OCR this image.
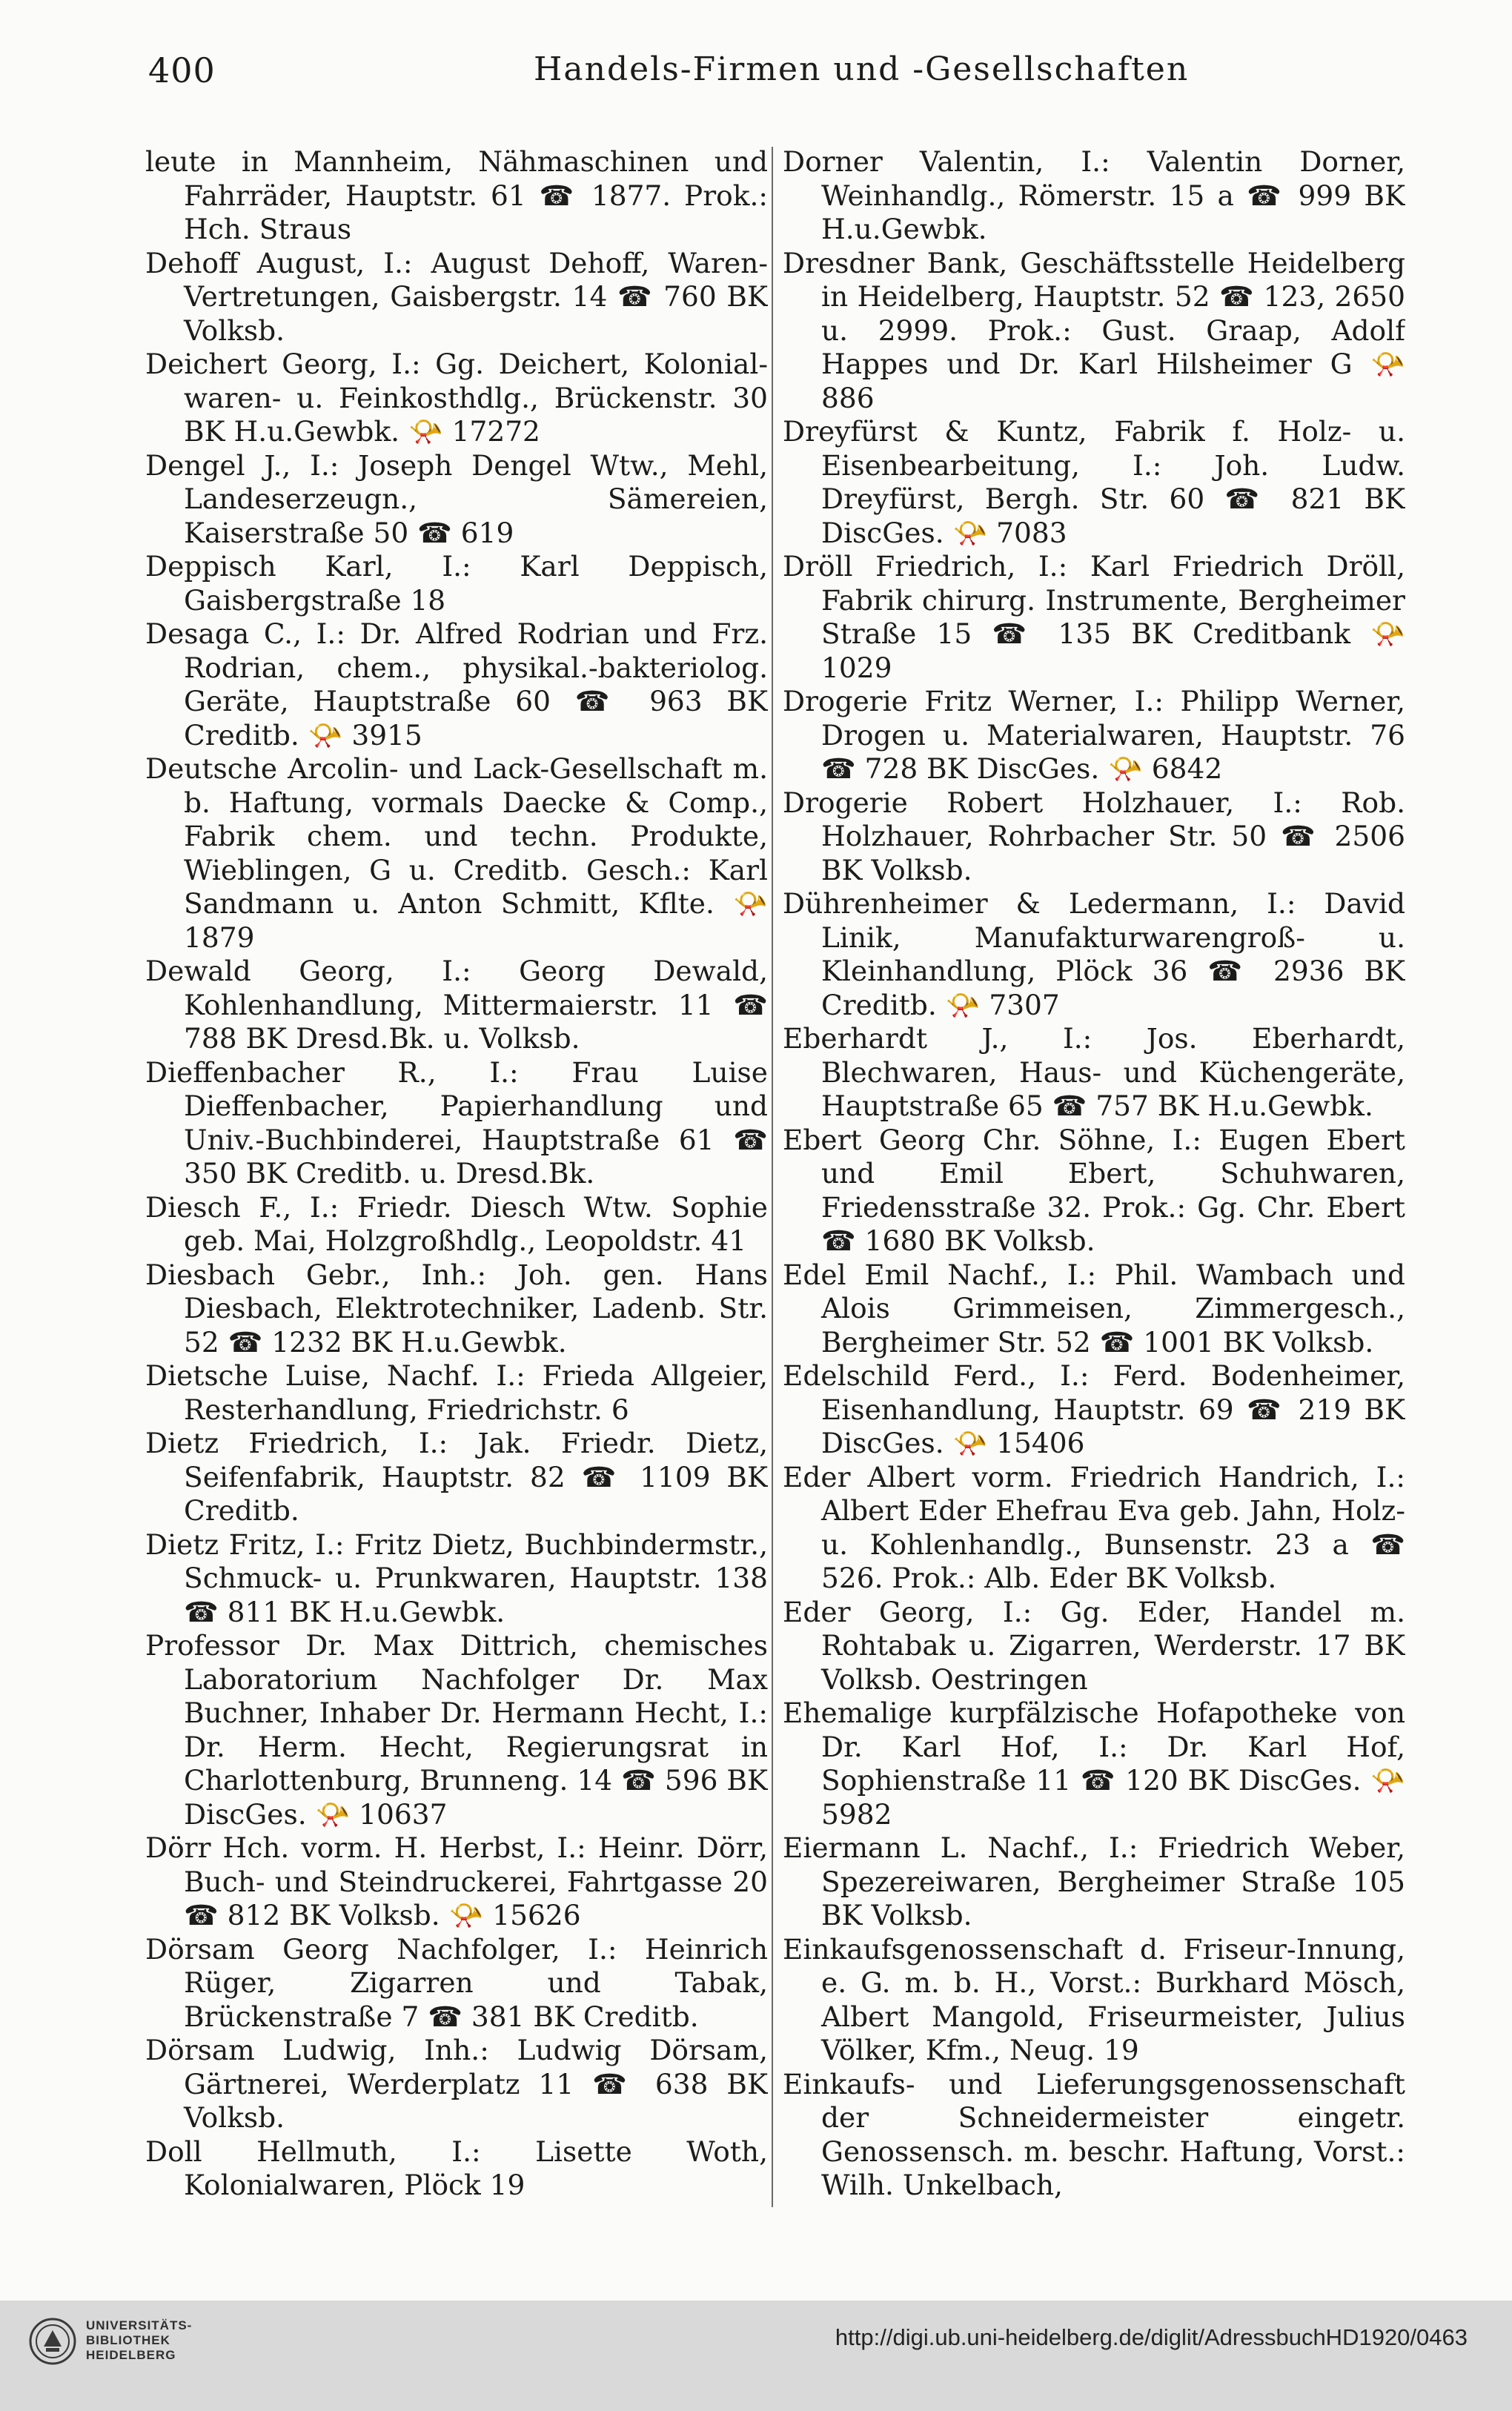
400	Handels-Firmen und -Gesellschaften

leute in Mannheim, Nähmaschinen und Fahrräder, Hauptstr. 61 ☎ 1877. Prok.: Hch. Straus

Dehoff August, I.: August Dehoff, Waren-Vertretungen, Gaisbergstr. 14 ☎ 760 BK Volksb.

Deichert Georg, I.: Gg. Deichert, Kolonial-waren- u. Feinkosthdlg., Brückenstr. 30 BK H.u.Gewbk. 📯 17272

Dengel J., I.: Joseph Dengel Wtw., Mehl, Landeserzeugn., Sämereien, Kaiserstraße 50 ☎ 619

Deppisch Karl, I.: Karl Deppisch, Gaisbergstraße 18

Desaga C., I.: Dr. Alfred Rodrian und Frz. Rodrian, chem., physikal.-bakteriolog. Geräte, Hauptstraße 60 ☎ 963 BK Creditb. 📯 3915

Deutsche Arcolin- und Lack-Gesellschaft m. b. Haftung, vormals Daecke & Comp., Fabrik chem. und techn. Produkte, Wieblingen, G u. Creditb. Gesch.: Karl Sandmann u. Anton Schmitt, Kflte. 📯 1879

Dewald Georg, I.: Georg Dewald, Kohlenhandlung, Mittermaierstr. 11 ☎ 788 BK Dresd.Bk. u. Volksb.

Dieffenbacher R., I.: Frau Luise Dieffenbacher, Papierhandlung und Univ.-Buchbinderei, Hauptstraße 61 ☎ 350 BK Creditb. u. Dresd.Bk.

Diesch F., I.: Friedr. Diesch Wtw. Sophie geb. Mai, Holzgroßhdlg., Leopoldstr. 41

Diesbach Gebr., Inh.: Joh. gen. Hans Diesbach, Elektrotechniker, Ladenb. Str. 52 ☎ 1232 BK H.u.Gewbk.

Dietsche Luise, Nachf. I.: Frieda Allgeier, Resterhandlung, Friedrichstr. 6

Dietz Friedrich, I.: Jak. Friedr. Dietz, Seifenfabrik, Hauptstr. 82 ☎ 1109 BK Creditb.

Dietz Fritz, I.: Fritz Dietz, Buchbindermstr., Schmuck- u. Prunkwaren, Hauptstr. 138 ☎ 811 BK H.u.Gewbk.

Professor Dr. Max Dittrich, chemisches Laboratorium Nachfolger Dr. Max Buchner, Inhaber Dr. Hermann Hecht, I.: Dr. Herm. Hecht, Regierungsrat in Charlottenburg, Brunneng. 14 ☎ 596 BK DiscGes. 📯 10637

Dörr Hch. vorm. H. Herbst, I.: Heinr. Dörr, Buch- und Steindruckerei, Fahrtgasse 20 ☎ 812 BK Volksb. 📯 15626

Dörsam Georg Nachfolger, I.: Heinrich Rüger, Zigarren und Tabak, Brückenstraße 7 ☎ 381 BK Creditb.

Dörsam Ludwig, Inh.: Ludwig Dörsam, Gärtnerei, Werderplatz 11 ☎ 638 BK Volksb.

Doll Hellmuth, I.: Lisette Woth, Kolonialwaren, Plöck 19

Dorner Valentin, I.: Valentin Dorner, Weinhandlg., Römerstr. 15 a ☎ 999 BK H.u.Gewbk.

Dresdner Bank, Geschäftsstelle Heidelberg in Heidelberg, Hauptstr. 52 ☎ 123, 2650 u. 2999. Prok.: Gust. Graap, Adolf Happes und Dr. Karl Hilsheimer G 📯 886

Dreyfürst & Kuntz, Fabrik f. Holz- u. Eisenbearbeitung, I.: Joh. Ludw. Dreyfürst, Bergh. Str. 60 ☎ 821 BK DiscGes. 📯 7083

Dröll Friedrich, I.: Karl Friedrich Dröll, Fabrik chirurg. Instrumente, Bergheimer Straße 15 ☎ 135 BK Creditbank 📯 1029

Drogerie Fritz Werner, I.: Philipp Werner, Drogen u. Materialwaren, Hauptstr. 76 ☎ 728 BK DiscGes. 📯 6842

Drogerie Robert Holzhauer, I.: Rob. Holzhauer, Rohrbacher Str. 50 ☎ 2506 BK Volksb.

Dührenheimer & Ledermann, I.: David Linik, Manufakturwarengroß- u. Kleinhandlung, Plöck 36 ☎ 2936 BK Creditb. 📯 7307

Eberhardt J., I.: Jos. Eberhardt, Blechwaren, Haus- und Küchengeräte, Hauptstraße 65 ☎ 757 BK H.u.Gewbk.

Ebert Georg Chr. Söhne, I.: Eugen Ebert und Emil Ebert, Schuhwaren, Friedensstraße 32. Prok.: Gg. Chr. Ebert ☎ 1680 BK Volksb.

Edel Emil Nachf., I.: Phil. Wambach und Alois Grimmeisen, Zimmergesch., Bergheimer Str. 52 ☎ 1001 BK Volksb.

Edelschild Ferd., I.: Ferd. Bodenheimer, Eisenhandlung, Hauptstr. 69 ☎ 219 BK DiscGes. 📯 15406

Eder Albert vorm. Friedrich Handrich, I.: Albert Eder Ehefrau Eva geb. Jahn, Holz- u. Kohlenhandlg., Bunsenstr. 23 a ☎ 526. Prok.: Alb. Eder BK Volksb.

Eder Georg, I.: Gg. Eder, Handel m. Rohtabak u. Zigarren, Werderstr. 17 BK Volksb. Oestringen

Ehemalige kurpfälzische Hofapotheke von Dr. Karl Hof, I.: Dr. Karl Hof, Sophienstraße 11 ☎ 120 BK DiscGes. 📯 5982

Eiermann L. Nachf., I.: Friedrich Weber, Spezereiwaren, Bergheimer Straße 105 BK Volksb.

Einkaufsgenossenschaft d. Friseur-Innung, e. G. m. b. H., Vorst.: Burkhard Mösch, Albert Mangold, Friseurmeister, Julius Völker, Kfm., Neug. 19

Einkaufs- und Lieferungsgenossenschaft der Schneidermeister eingetr. Genossensch. m. beschr. Haftung, Vorst.: Wilh. Unkelbach,

UNIVERSITÄTS-
BIBLIOTHEK
HEIDELBERG
http://digi.ub.uni-heidelberg.de/diglit/AdressbuchHD1920/0463
